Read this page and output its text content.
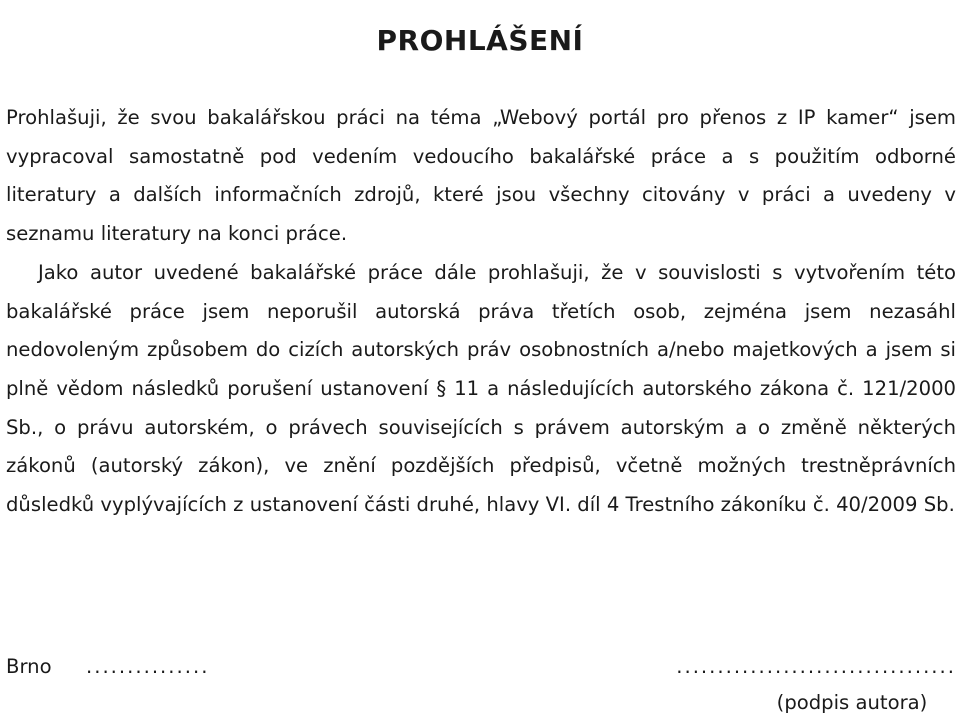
PROHLÁŠENÍ

Prohlašuji, že svou bakalářskou práci na téma „Webový portál pro přenos z IP kamer“ jsem vypracoval samostatně pod vedením vedoucího bakalářské práce a s použitím odborné literatury a dalších informačních zdrojů, které jsou všechny citovány v práci a uvedeny v seznamu literatury na konci práce.

Jako autor uvedené bakalářské práce dále prohlašuji, že v souvislosti s vytvořením této bakalářské práce jsem neporušil autorská práva třetích osob, zejména jsem nezasáhl nedovoleným způsobem do cizích autorských práv osobnostních a/nebo majetkových a jsem si plně vědom následků porušení ustanovení § 11 a následujících autorského zákona č. 121/2000 Sb., o právu autorském, o právech souvisejících s právem autorským a o změně některých zákonů (autorský zákon), ve znění pozdějších předpisů, včetně možných trestněprávních důsledků vyplývajících z ustanovení části druhé, hlavy VI. díl 4 Trestního zákoníku č. 40/2009 Sb.

Brno ...............	..................................
(podpis autora)
